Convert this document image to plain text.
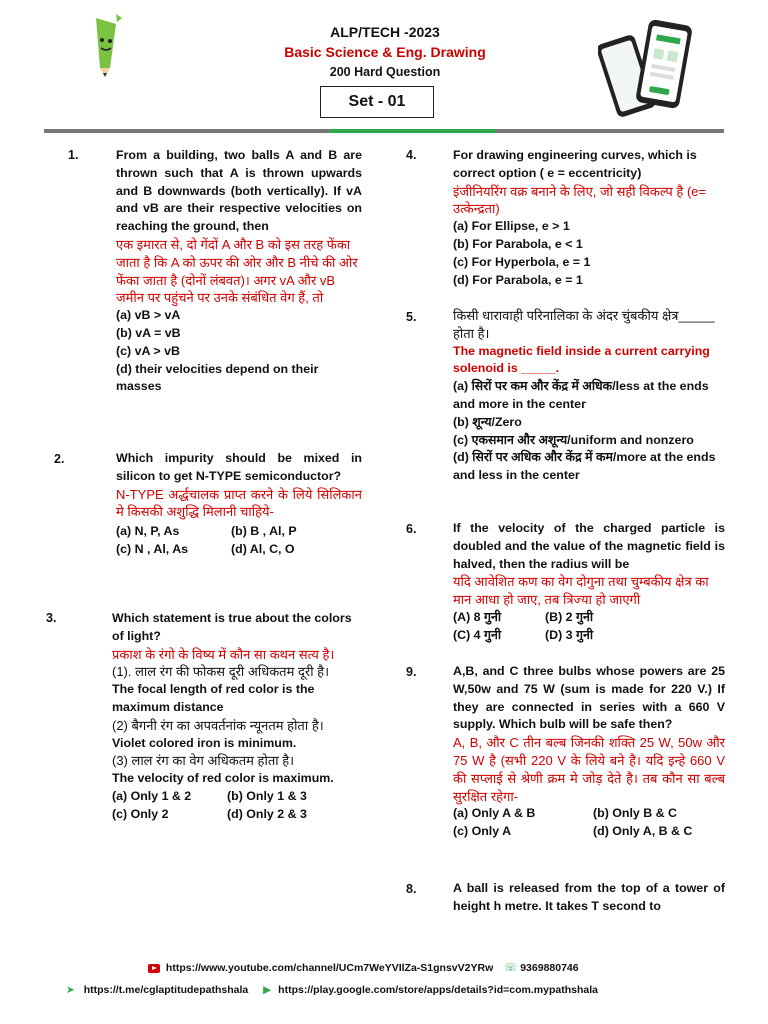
ALP/TECH -2023
Basic Science & Eng. Drawing
200 Hard Question
Set - 01
1.	From a building, two balls A and B are thrown such that A is thrown upwards and B downwards (both vertically). If vA and vB are their respective velocities on reaching the ground, then
एक इमारत से, दो गेंदों A और B को इस तरह फेंका जाता है कि A को ऊपर की ओर और B नीचे की ओर फेंका जाता है (दोनों लंबवत)। अगर vA और vB जमीन पर पहुंचने पर उनके संबंधित वेग हैं, तो
(a) vB > vA
(b) vA = vB
(c) vA > vB
(d) their velocities depend on their masses
2.	Which impurity should be mixed in silicon to get N-TYPE semiconductor?
N-TYPE अर्द्धचालक प्राप्त करने के लिये सिलिकान मे किसकी अशुद्धि मिलानी चाहिये-
(a) N, P, As	(b) B , Al, P
(c) N , Al, As	(d) Al, C, O
3.	Which statement is true about the colors of light?
प्रकाश के रंगो के विष्य में कौन सा कथन सत्य है।
(1). लाल रंग की फोकस दूरी अधिकतम दूरी है।
The focal length of red color is the maximum distance
(2) बैगनी रंग का अपवर्तनांक न्यूनतम होता है।
Violet colored iron is minimum.
(3) लाल रंग का वेग अधिकतम होता है।
The velocity of red color is maximum.
(a) Only 1 & 2	(b) Only 1 & 3
(c) Only 2	(d) Only 2 & 3
4.	For drawing engineering curves, which is correct option ( e = eccentricity)
इंजीनियरिंग वक्र बनाने के लिए, जो सही विकल्प है (e= उत्केन्द्रता)
(a) For Ellipse, e > 1
(b) For Parabola, e < 1
(c) For Hyperbola, e = 1
(d) For Parabola, e = 1
5.	किसी धारावाही परिनालिका के अंदर चुंबकीय क्षेत्र_____ होता है।
The magnetic field inside a current carrying solenoid is _____.
(a) सिरों पर कम और केंद्र में अधिक/less at the ends and more in the center
(b) शून्य/Zero
(c) एकसमान और अशून्य/uniform and nonzero
(d) सिरों पर अधिक और केंद्र में कम/more at the ends and less in the center
6.	If the velocity of the charged particle is doubled and the value of the magnetic field is halved, then the radius will be
यदि आवेशित कण का वेग दोगुना तथा चुम्बकीय क्षेत्र का मान आधा हो जाए, तब त्रिज्या हो जाएगी
(A) 8 गुनी	(B) 2 गुनी
(C) 4 गुनी	(D) 3 गुनी
9.	A,B, and C three bulbs whose powers are 25 W,50w and 75 W (sum is made for 220 V.) If they are connected in series with a 660 V supply. Which bulb will be safe then?
A, B, और C तीन बल्ब जिनकी शक्ति 25 W, 50w और 75 W है (सभी 220 V के लिये बने है। यदि इन्हे 660 V की सप्लाई से श्रेणी क्रम मे जोड़ देते है। तब कौन सा बल्ब सुरक्षित रहेगा-
(a) Only A & B	(b) Only B & C
(c) Only A	(d) Only A, B & C
8.	A ball is released from the top of a tower of height h metre. It takes T second to
https://www.youtube.com/channel/UCm7WeYVIlZa-S1gnsvV2YRw ☏ 9369880746
➤ https://t.me/cglaptitudepathshala ▶ https://play.google.com/store/apps/details?id=com.mypathshala
